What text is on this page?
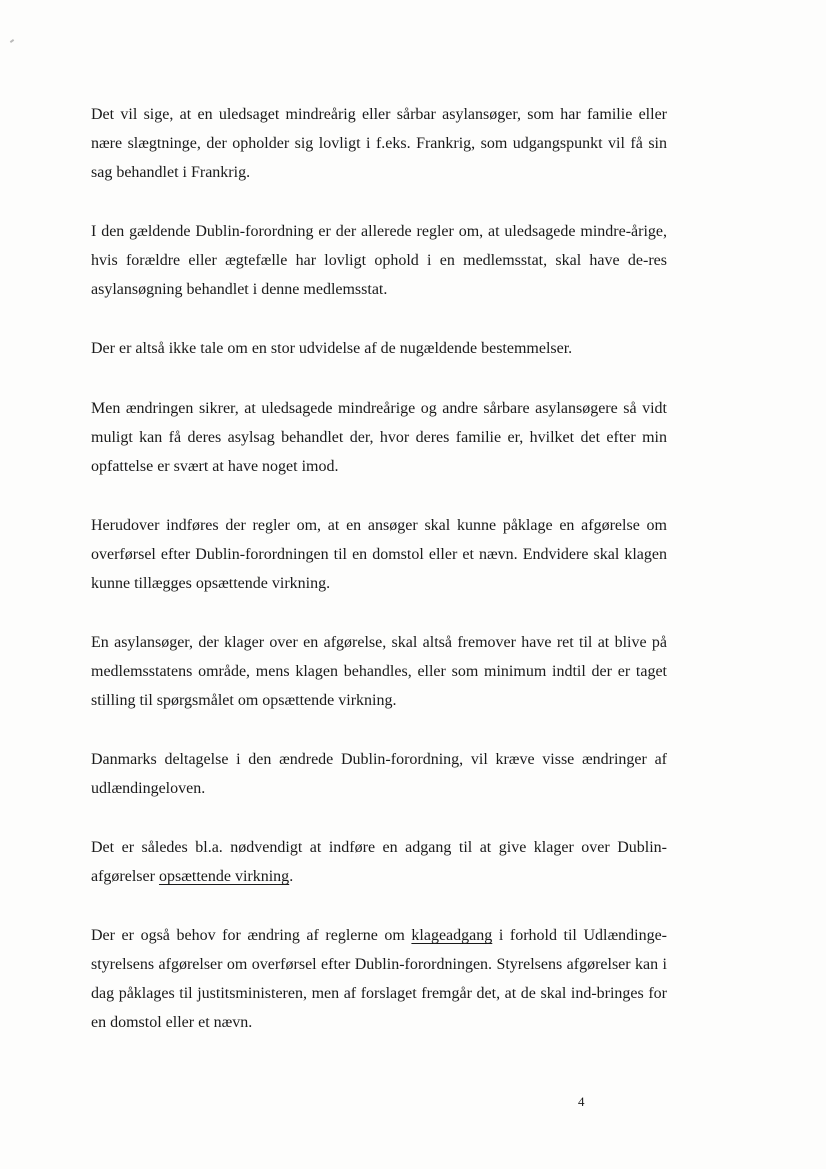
Det vil sige, at en uledsaget mindreårig eller sårbar asylansøger, som har familie eller nære slægtninge, der opholder sig lovligt i f.eks. Frankrig, som udgangspunkt vil få sin sag behandlet i Frankrig.

I den gældende Dublin-forordning er der allerede regler om, at uledsagede mindre-årige, hvis forældre eller ægtefælle har lovligt ophold i en medlemsstat, skal have de-res asylansøgning behandlet i denne medlemsstat.

Der er altså ikke tale om en stor udvidelse af de nugældende bestemmelser.

Men ændringen sikrer, at uledsagede mindreårige og andre sårbare asylansøgere så vidt muligt kan få deres asylsag behandlet der, hvor deres familie er, hvilket det efter min opfattelse er svært at have noget imod.

Herudover indføres der regler om, at en ansøger skal kunne påklage en afgørelse om overførsel efter Dublin-forordningen til en domstol eller et nævn. Endvidere skal klagen kunne tillægges opsættende virkning.

En asylansøger, der klager over en afgørelse, skal altså fremover have ret til at blive på medlemsstatens område, mens klagen behandles, eller som minimum indtil der er taget stilling til spørgsmålet om opsættende virkning.

Danmarks deltagelse i den ændrede Dublin-forordning, vil kræve visse ændringer af udlændingeloven.

Det er således bl.a. nødvendigt at indføre en adgang til at give klager over Dublin-afgørelser opsættende virkning.

Der er også behov for ændring af reglerne om klageadgang i forhold til Udlændinge-styrelsens afgørelser om overførsel efter Dublin-forordningen. Styrelsens afgørelser kan i dag påklages til justitsministeren, men af forslaget fremgår det, at de skal ind-bringes for en domstol eller et nævn.

4
